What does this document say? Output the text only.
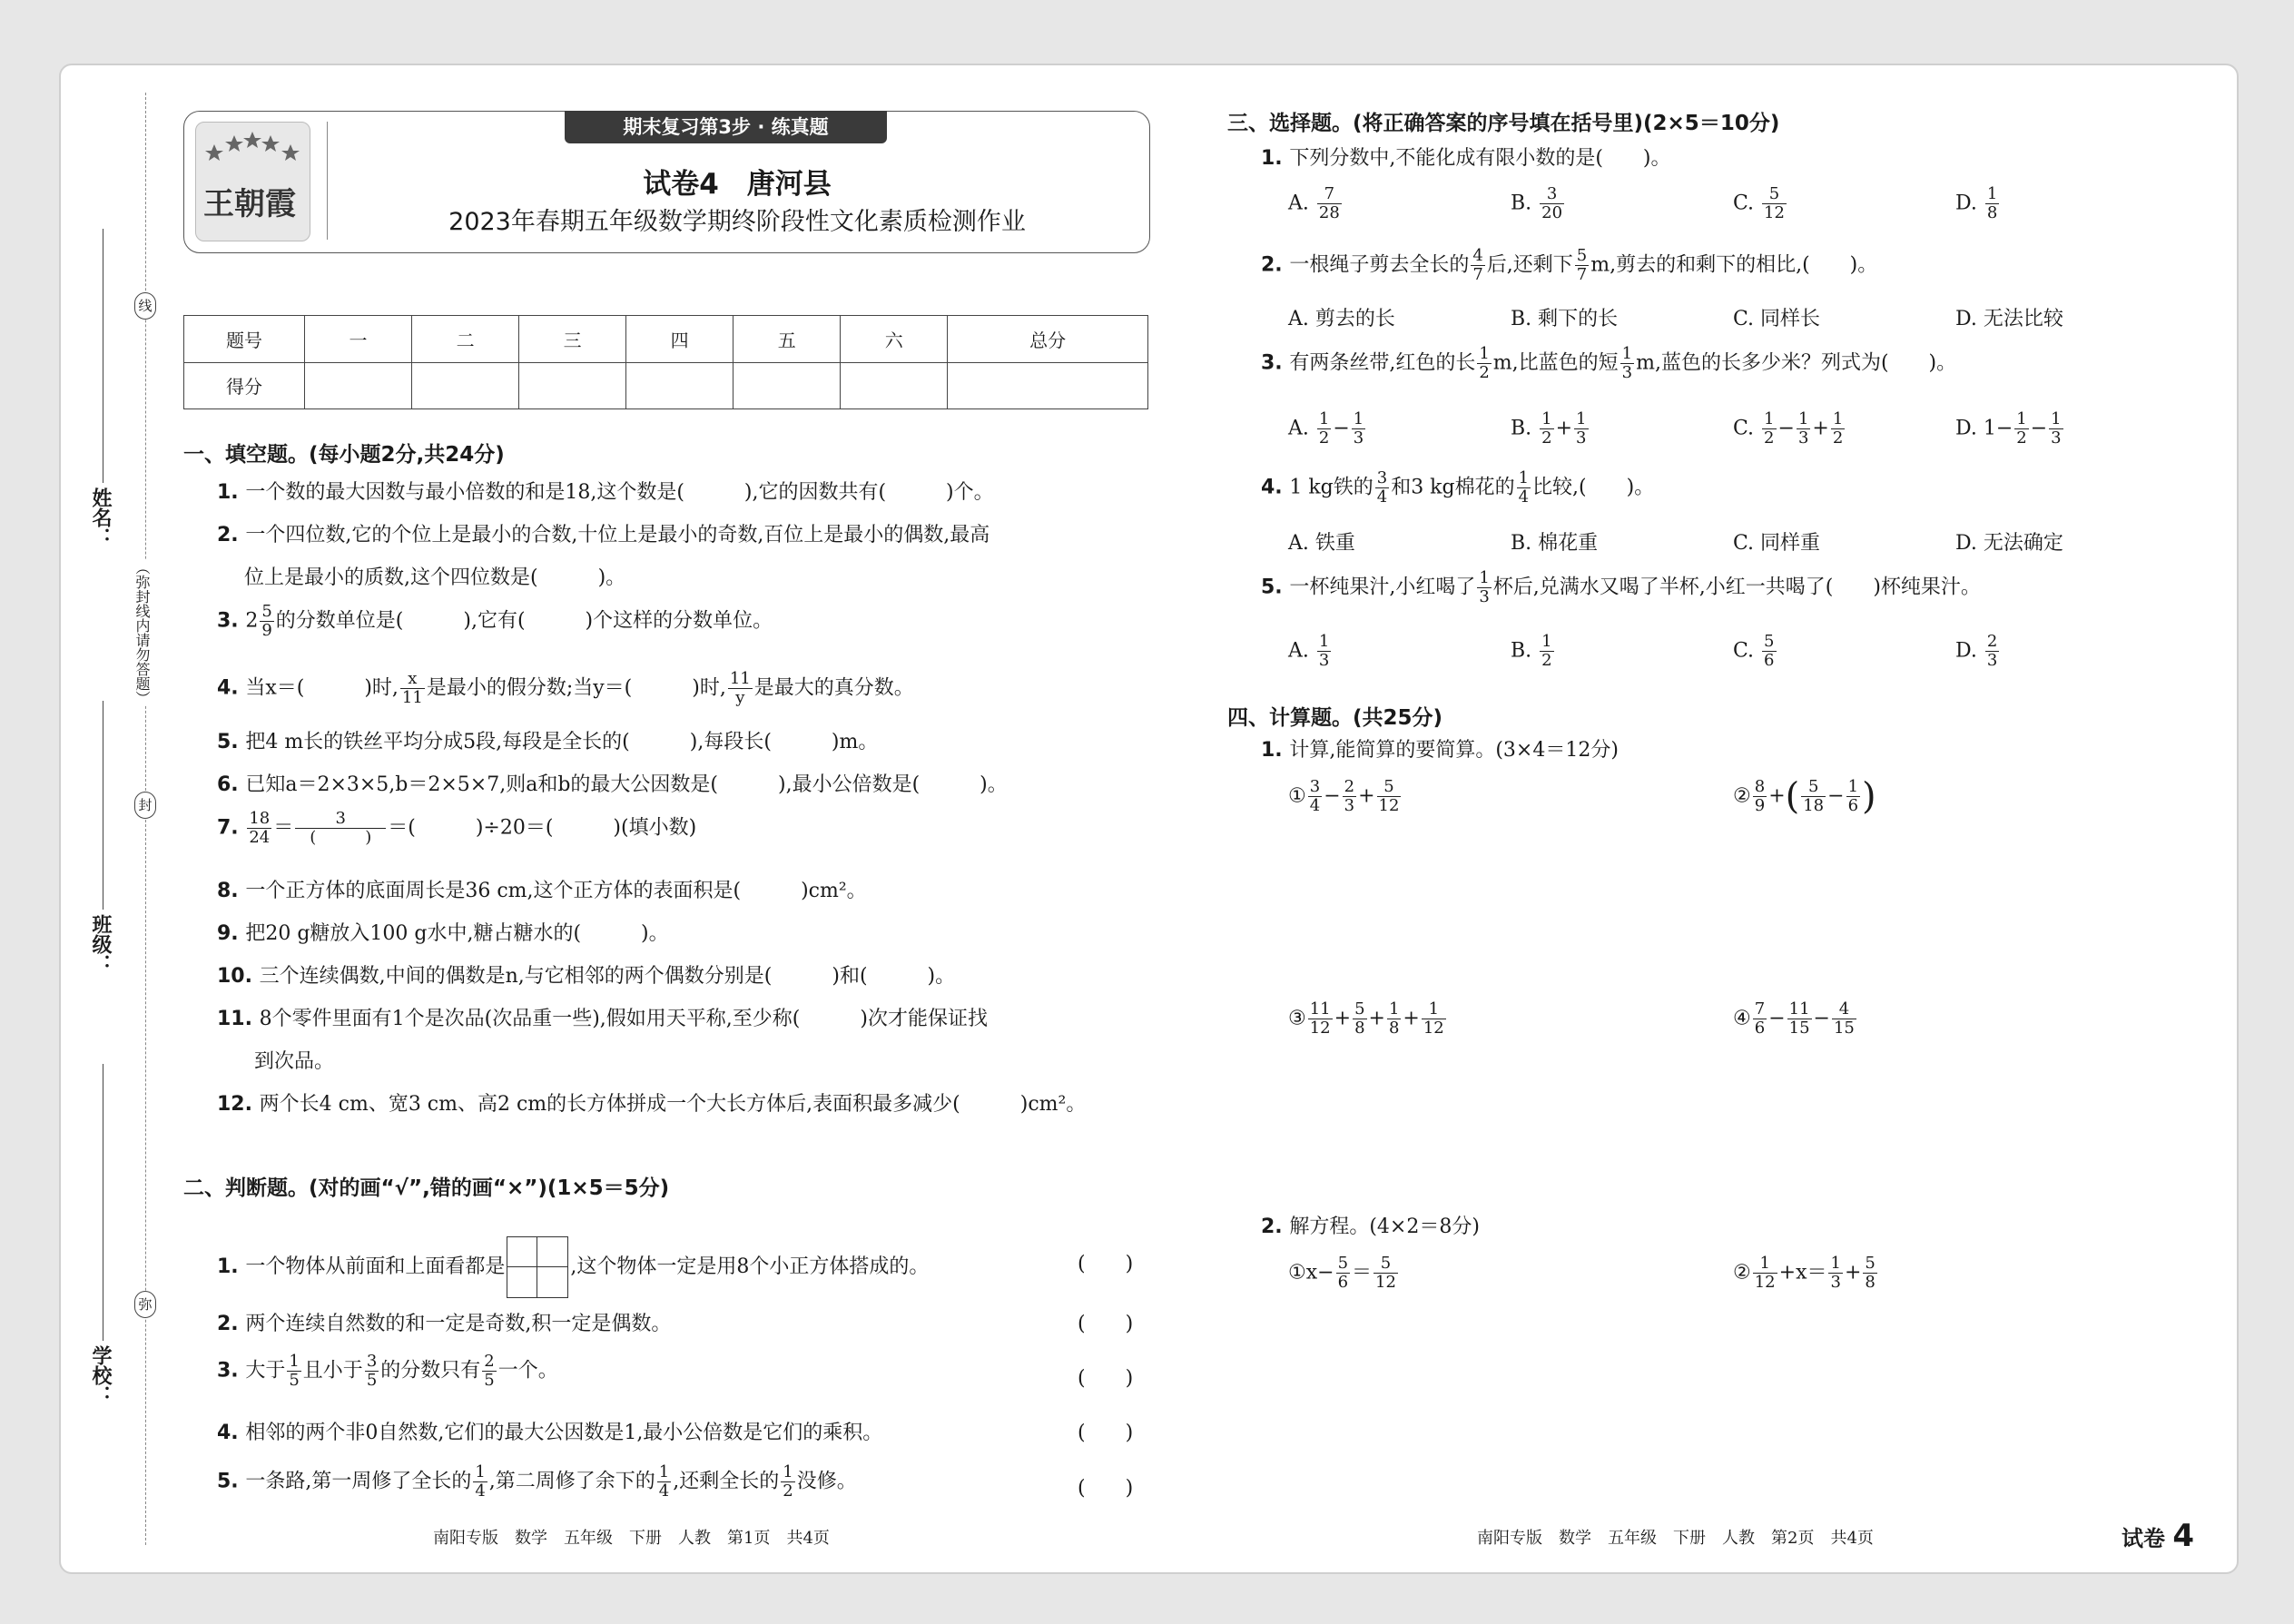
线
封
弥
（弥封线内请勿答题）
姓名：
班级：
学校：
王朝霞
期末复习第3步 · 练真题
试卷4　唐河县
2023年春期五年级数学期终阶段性文化素质检测作业
题号	一	二	三	四	五	六	总分
得分							
一、填空题。(每小题2分,共24分)
1. 一个数的最大因数与最小倍数的和是18,这个数是(　　　),它的因数共有(　　　)个。
2. 一个四位数,它的个位上是最小的合数,十位上是最小的奇数,百位上是最小的偶数,最高
位上是最小的质数,这个四位数是(　　　)。
3. $2 \frac{5}{9}$ 的分数单位是(　　　),它有(　　　)个这样的分数单位。
4. 当x＝(　　　)时, $\frac{x}{11}$ 是最小的假分数;当y＝(　　　)时, $\frac{11}{y}$ 是最大的真分数。
5. 把4 m长的铁丝平均分成5段,每段是全长的(　　　),每段长(　　　)m。
6. 已知a＝2×3×5,b＝2×5×7,则a和b的最大公因数是(　　　),最小公倍数是(　　　)。
7. $\frac{18}{24} = \frac{3}{( )}$ ＝(　　　)÷20＝(　　　)(填小数)
8. 一个正方体的底面周长是36 cm,这个正方体的表面积是(　　　)cm²。
9. 把20 g糖放入100 g水中,糖占糖水的(　　　)。
10. 三个连续偶数,中间的偶数是n,与它相邻的两个偶数分别是(　　　)和(　　　)。
11. 8个零件里面有1个是次品(次品重一些),假如用天平称,至少称(　　　)次才能保证找
到次品。
12. 两个长4 cm、宽3 cm、高2 cm的长方体拼成一个大长方体后,表面积最多减少(　　　)cm²。
二、判断题。(对的画“√”,错的画“×”)(1×5＝5分)
1. 一个物体从前面和上面看都是	,这个物体一定是用8个小正方体搭成的。	(　　)
2. 两个连续自然数的和一定是奇数,积一定是偶数。	(　　)
3. 大于 $\frac{1}{5}$ 且小于 $\frac{3}{5}$ 的分数只有 $\frac{2}{5}$ 一个。	(　　)
4. 相邻的两个非0自然数,它们的最大公因数是1,最小公倍数是它们的乘积。	(　　)
5. 一条路,第一周修了全长的 $\frac{1}{4}$ ,第二周修了余下的 $\frac{1}{4}$ ,还剩全长的 $\frac{1}{2}$ 没修。	(　　)
南阳专版　数学　五年级　下册　人教　第1页　共4页
三、选择题。(将正确答案的序号填在括号里)(2×5＝10分)
1. 下列分数中,不能化成有限小数的是(　　)。
A. $\frac{7}{28}$	B. $\frac{3}{20}$	C. $\frac{5}{12}$	D. $\frac{1}{8}$
2. 一根绳子剪去全长的 $\frac{4}{7}$ 后,还剩下 $\frac{5}{7} m$,剪去的和剩下的相比,(　　)。
A. 剪去的长	B. 剩下的长	C. 同样长	D. 无法比较
3. 有两条丝带,红色的长 $\frac{1}{2} m$,比蓝色的短 $\frac{1}{3} m$,蓝色的长多少米？列式为(　　)。
A. $\frac{1}{2} - \frac{1}{3}$	B. $\frac{1}{2} + \frac{1}{3}$	C. $\frac{1}{2} - \frac{1}{3} + \frac{1}{2}$	D. $1- \frac{1}{2} - \frac{1}{3}$
4. 1 kg铁的 $\frac{3}{4}$ 和3 kg棉花的 $\frac{1}{4}$ 比较,(　　)。
A. 铁重	B. 棉花重	C. 同样重	D. 无法确定
5. 一杯纯果汁,小红喝了 $\frac{1}{3}$ 杯后,兑满水又喝了半杯,小红一共喝了(　　)杯纯果汁。
A. $\frac{1}{3}$	B. $\frac{1}{2}$	C. $\frac{5}{6}$	D. $\frac{2}{3}$
四、计算题。(共25分)
1. 计算,能简算的要简算。(3×4＝12分)
① $\frac{3}{4} - \frac{2}{3} + \frac{5}{12}$	② $\frac{8}{9}$ +( $\frac{5}{18} - \frac{1}{6}$ )
③ $\frac{11}{12} + \frac{5}{8} + \frac{1}{8} + \frac{1}{12}$	④ $\frac{7}{6} - \frac{11}{15} - \frac{4}{15}$
2. 解方程。(4×2＝8分)
①x− $\frac{5}{6} = \frac{5}{12}$	② $\frac{1}{12} +x= \frac{1}{3} + \frac{5}{8}$
南阳专版　数学　五年级　下册　人教　第2页　共4页	试卷 4
